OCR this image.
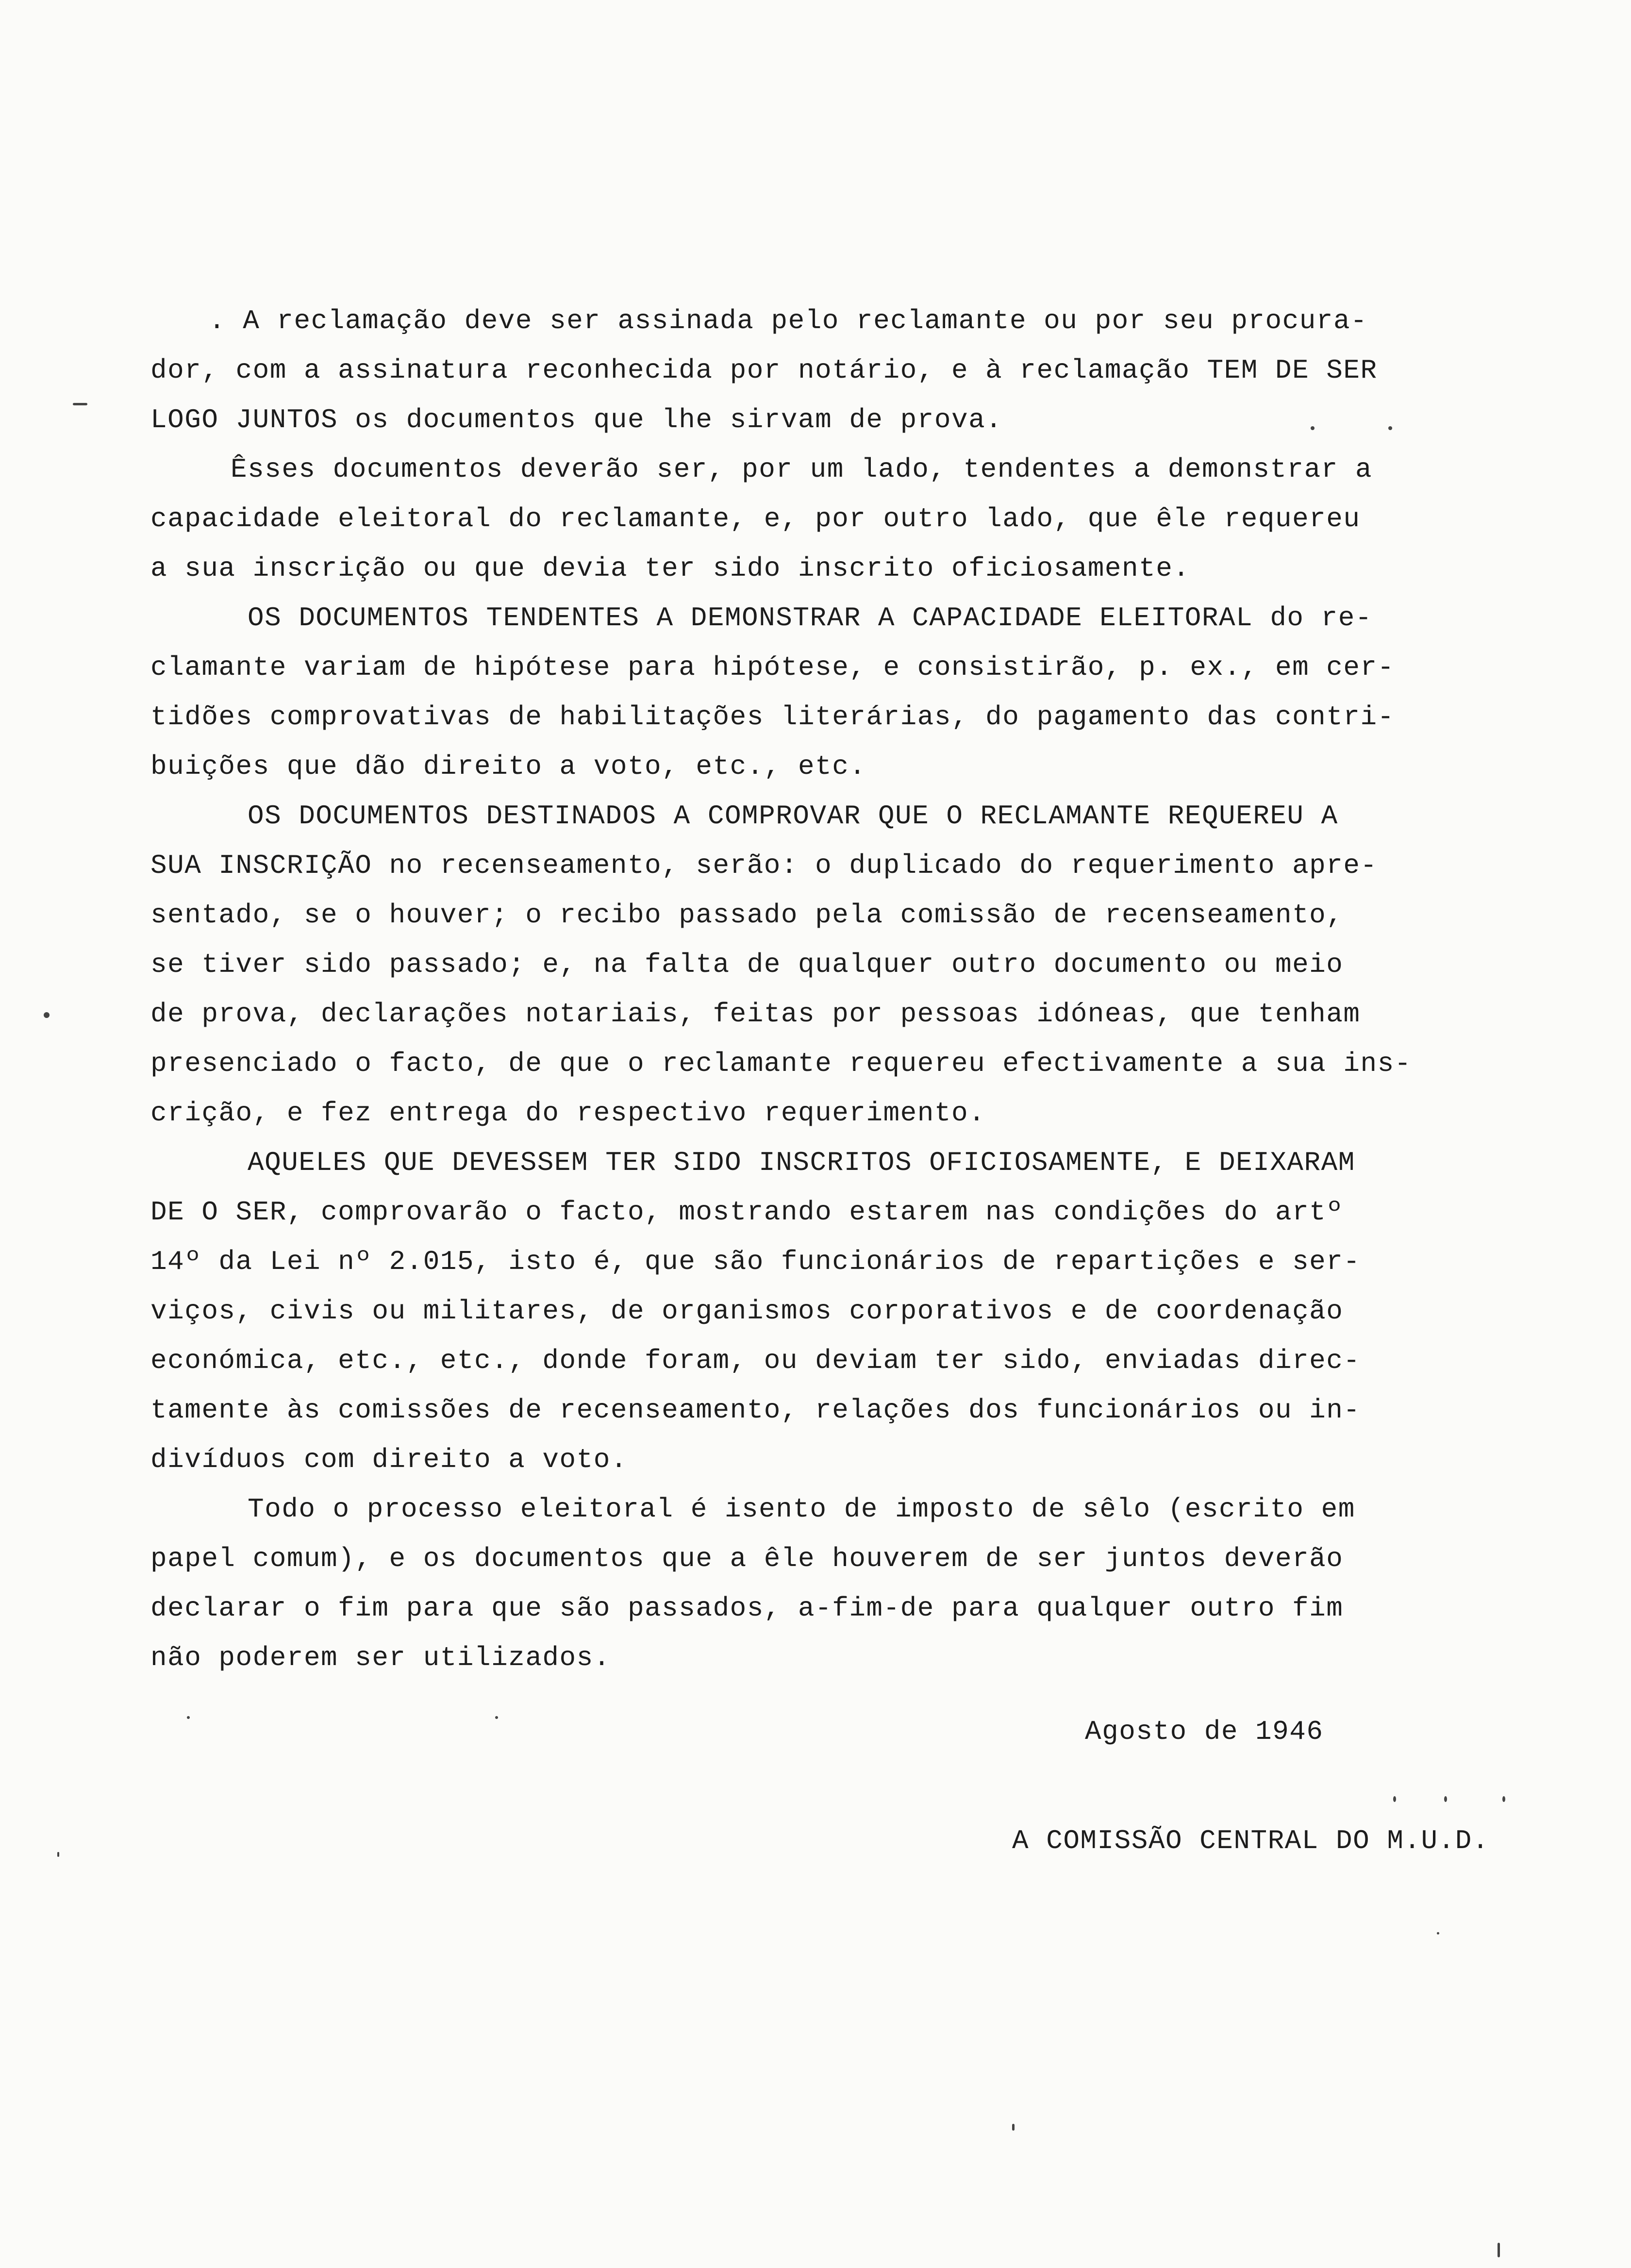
. A reclamação deve ser assinada pelo reclamante ou por seu procura-
dor, com a assinatura reconhecida por notário, e à reclamação TEM DE SER
LOGO JUNTOS os documentos que lhe sirvam de prova.
Êsses documentos deverão ser, por um lado, tendentes a demonstrar a
capacidade eleitoral do reclamante, e, por outro lado, que êle requereu
a sua inscrição ou que devia ter sido inscrito oficiosamente.
OS DOCUMENTOS TENDENTES A DEMONSTRAR A CAPACIDADE ELEITORAL do re-
clamante variam de hipótese para hipótese, e consistirão, p. ex., em cer-
tidões comprovativas de habilitações literárias, do pagamento das contri-
buições que dão direito a voto, etc., etc.
OS DOCUMENTOS DESTINADOS A COMPROVAR QUE O RECLAMANTE REQUEREU A
SUA INSCRIÇÃO no recenseamento, serão: o duplicado do requerimento apre-
sentado, se o houver; o recibo passado pela comissão de recenseamento,
se tiver sido passado; e, na falta de qualquer outro documento ou meio
de prova, declarações notariais, feitas por pessoas idóneas, que tenham
presenciado o facto, de que o reclamante requereu efectivamente a sua ins-
crição, e fez entrega do respectivo requerimento.
AQUELES QUE DEVESSEM TER SIDO INSCRITOS OFICIOSAMENTE, E DEIXARAM
DE O SER, comprovarão o facto, mostrando estarem nas condições do artº
14º da Lei nº 2.015, isto é, que são funcionários de repartições e ser-
viços, civis ou militares, de organismos corporativos e de coordenação
económica, etc., etc., donde foram, ou deviam ter sido, enviadas direc-
tamente às comissões de recenseamento, relações dos funcionários ou in-
divíduos com direito a voto.
Todo o processo eleitoral é isento de imposto de sêlo (escrito em
papel comum), e os documentos que a êle houverem de ser juntos deverão
declarar o fim para que são passados, a-fim-de para qualquer outro fim
não poderem ser utilizados.
Agosto de 1946
A COMISSÃO CENTRAL DO M.U.D.
